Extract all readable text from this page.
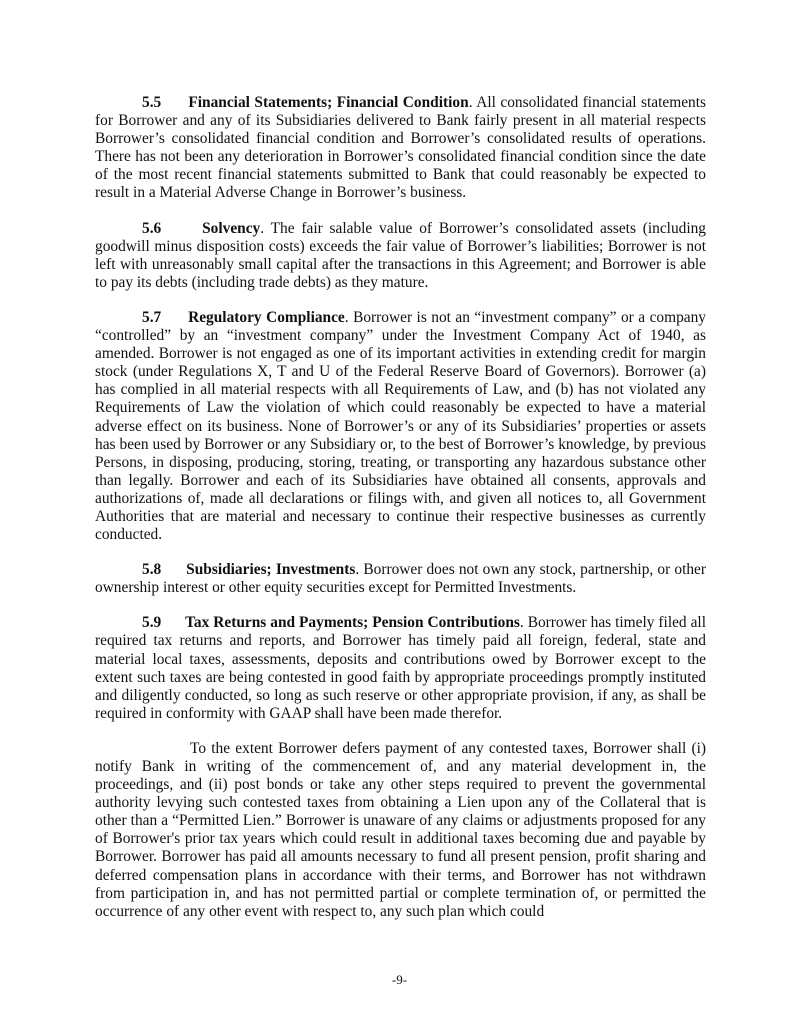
5.5 Financial Statements; Financial Condition. All consolidated financial statements for Borrower and any of its Subsidiaries delivered to Bank fairly present in all material respects Borrower’s consolidated financial condition and Borrower’s consolidated results of operations. There has not been any deterioration in Borrower’s consolidated financial condition since the date of the most recent financial statements submitted to Bank that could reasonably be expected to result in a Material Adverse Change in Borrower’s business.

5.6	Solvency. The fair salable value of Borrower’s consolidated assets (including goodwill minus disposition costs) exceeds the fair value of Borrower’s liabilities; Borrower is not left with unreasonably small capital after the transactions in this Agreement; and Borrower is able to pay its debts (including trade debts) as they mature.

5.7 Regulatory Compliance. Borrower is not an “investment company” or a company “controlled” by an “investment company” under the Investment Company Act of 1940, as amended. Borrower is not engaged as one of its important activities in extending credit for margin stock (under Regulations X, T and U of the Federal Reserve Board of Governors). Borrower (a) has complied in all material respects with all Requirements of Law, and (b) has not violated any Requirements of Law the violation of which could reasonably be expected to have a material adverse effect on its business. None of Borrower’s or any of its Subsidiaries’ properties or assets has been used by Borrower or any Subsidiary or, to the best of Borrower’s knowledge, by previous Persons, in disposing, producing, storing, treating, or transporting any hazardous substance other than legally. Borrower and each of its Subsidiaries have obtained all consents, approvals and authorizations of, made all declarations or filings with, and given all notices to, all Government Authorities that are material and necessary to continue their respective businesses as currently conducted.

5.8 Subsidiaries; Investments. Borrower does not own any stock, partnership, or other ownership interest or other equity securities except for Permitted Investments.

5.9 Tax Returns and Payments; Pension Contributions. Borrower has timely filed all required tax returns and reports, and Borrower has timely paid all foreign, federal, state and material local taxes, assessments, deposits and contributions owed by Borrower except to the extent such taxes are being contested in good faith by appropriate proceedings promptly instituted and diligently conducted, so long as such reserve or other appropriate provision, if any, as shall be required in conformity with GAAP shall have been made therefor.

To the extent Borrower defers payment of any contested taxes, Borrower shall (i) notify Bank in writing of the commencement of, and any material development in, the proceedings, and (ii) post bonds or take any other steps required to prevent the governmental authority levying such contested taxes from obtaining a Lien upon any of the Collateral that is other than a “Permitted Lien.” Borrower is unaware of any claims or adjustments proposed for any of Borrower's prior tax years which could result in additional taxes becoming due and payable by Borrower. Borrower has paid all amounts necessary to fund all present pension, profit sharing and deferred compensation plans in accordance with their terms, and Borrower has not withdrawn from participation in, and has not permitted partial or complete termination of, or permitted the occurrence of any other event with respect to, any such plan which could

-9-
